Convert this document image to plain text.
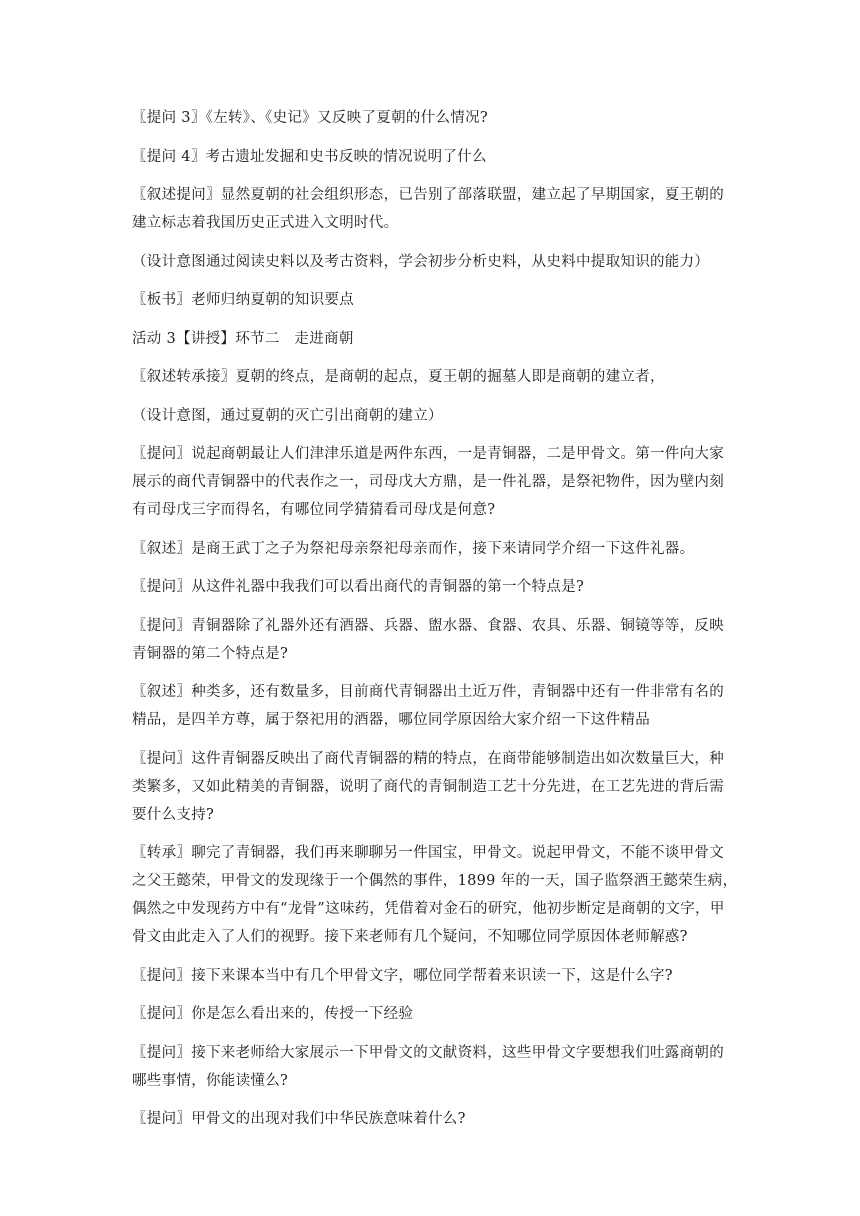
〖提问 3〗《左转》、《史记》又反映了夏朝的什么情况?

〖提问 4〗考古遗址发掘和史书反映的情况说明了什么

〖叙述提问〗显然夏朝的社会组织形态，已告别了部落联盟，建立起了早期国家，夏王朝的
建立标志着我国历史正式进入文明时代。

（设计意图通过阅读史料以及考古资料，学会初步分析史料，从史料中提取知识的能力）

〖板书〗老师归纳夏朝的知识要点

活动 3【讲授】环节二　走进商朝

〖叙述转承接〗夏朝的终点，是商朝的起点，夏王朝的掘墓人即是商朝的建立者，

（设计意图，通过夏朝的灭亡引出商朝的建立）

〖提问〗说起商朝最让人们津津乐道是两件东西，一是青铜器，二是甲骨文。第一件向大家
展示的商代青铜器中的代表作之一，司母戊大方鼎，是一件礼器，是祭祀物件，因为壁内刻
有司母戊三字而得名，有哪位同学猜猜看司母戊是何意?

〖叙述〗是商王武丁之子为祭祀母亲祭祀母亲而作，接下来请同学介绍一下这件礼器。

〖提问〗从这件礼器中我我们可以看出商代的青铜器的第一个特点是?

〖提问〗青铜器除了礼器外还有酒器、兵器、盥水器、食器、农具、乐器、铜镜等等，反映
青铜器的第二个特点是?

〖叙述〗种类多，还有数量多，目前商代青铜器出土近万件，青铜器中还有一件非常有名的
精品，是四羊方尊，属于祭祀用的酒器，哪位同学原因给大家介绍一下这件精品

〖提问〗这件青铜器反映出了商代青铜器的精的特点，在商带能够制造出如次数量巨大，种
类繁多，又如此精美的青铜器，说明了商代的青铜制造工艺十分先进，在工艺先进的背后需
要什么支持?

〖转承〗聊完了青铜器，我们再来聊聊另一件国宝，甲骨文。说起甲骨文，不能不谈甲骨文
之父王懿荣，甲骨文的发现缘于一个偶然的事件，1899 年的一天，国子监祭酒王懿荣生病，
偶然之中发现药方中有“龙骨”这味药，凭借着对金石的研究，他初步断定是商朝的文字，甲
骨文由此走入了人们的视野。接下来老师有几个疑问，不知哪位同学原因体老师解惑?

〖提问〗接下来课本当中有几个甲骨文字，哪位同学帮着来识读一下，这是什么字?

〖提问〗你是怎么看出来的，传授一下经验

〖提问〗接下来老师给大家展示一下甲骨文的文献资料，这些甲骨文字要想我们吐露商朝的
哪些事情，你能读懂么?

〖提问〗甲骨文的出现对我们中华民族意味着什么?
